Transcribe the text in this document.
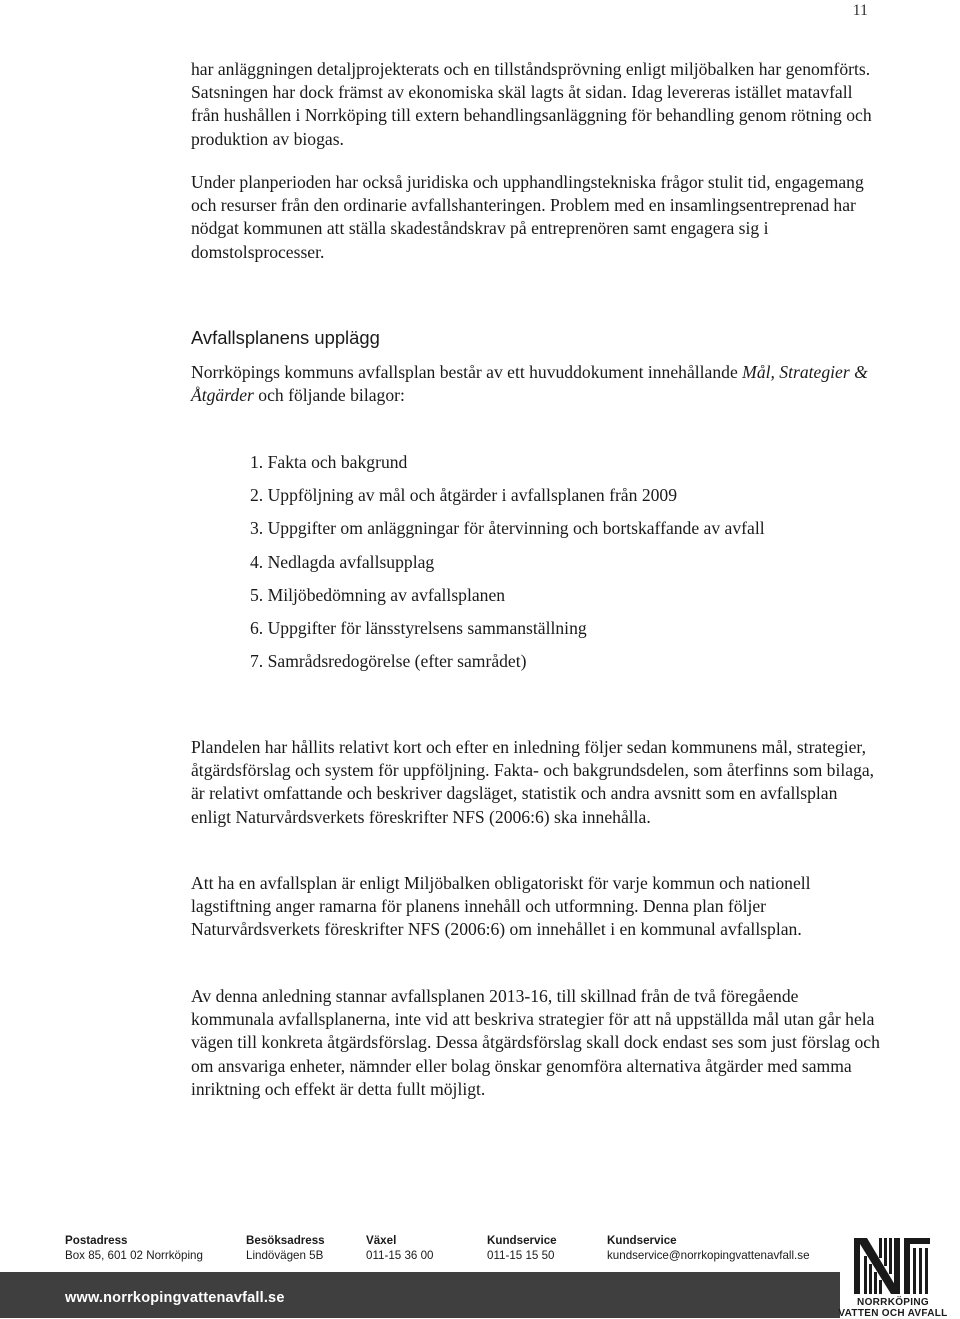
11

har anläggningen detaljprojekterats och en tillståndsprövning enligt miljöbalken har genomförts. Satsningen har dock främst av ekonomiska skäl lagts åt sidan. Idag levereras istället matavfall från hushållen i Norrköping till extern behandlingsanläggning för behandling genom rötning och produktion av biogas.

Under planperioden har också juridiska och upphandlingstekniska frågor stulit tid, engagemang och resurser från den ordinarie avfallshanteringen. Problem med en insamlingsentreprenad har nödgat kommunen att ställa skadeståndskrav på entreprenören samt engagera sig i domstolsprocesser.

Avfallsplanens upplägg

Norrköpings kommuns avfallsplan består av ett huvuddokument innehållande Mål, Strategier & Åtgärder och följande bilagor:

1. Fakta och bakgrund
2. Uppföljning av mål och åtgärder i avfallsplanen från 2009
3. Uppgifter om anläggningar för återvinning och bortskaffande av avfall
4. Nedlagda avfallsupplag
5. Miljöbedömning av avfallsplanen
6. Uppgifter för länsstyrelsens sammanställning
7. Samrådsredogörelse (efter samrådet)

Plandelen har hållits relativt kort och efter en inledning följer sedan kommunens mål, strategier, åtgärdsförslag och system för uppföljning. Fakta- och bakgrundsdelen, som återfinns som bilaga, är relativt omfattande och beskriver dagsläget, statistik och andra avsnitt som en avfallsplan enligt Naturvårdsverkets föreskrifter NFS (2006:6) ska innehålla.

Att ha en avfallsplan är enligt Miljöbalken obligatoriskt för varje kommun och nationell lagstiftning anger ramarna för planens innehåll och utformning. Denna plan följer Naturvårdsverkets föreskrifter NFS (2006:6) om innehållet i en kommunal avfallsplan.

Av denna anledning stannar avfallsplanen 2013-16, till skillnad från de två föregående kommunala avfallsplanerna, inte vid att beskriva strategier för att nå uppställda mål utan går hela vägen till konkreta åtgärdsförslag. Dessa åtgärdsförslag skall dock endast ses som just förslag och om ansvariga enheter, nämnder eller bolag önskar genomföra alternativa åtgärder med samma inriktning och effekt är detta fullt möjligt.

Postadress
Box 85, 601 02 Norrköping
Besöksadress
Lindövägen 5B
Växel
011-15 36 00
Kundservice
011-15 15 50
Kundservice
kundservice@norrkopingvattenavfall.se
www.norrkopingvattenavfall.se	NORRKÖPING
VATTEN OCH AVFALL
